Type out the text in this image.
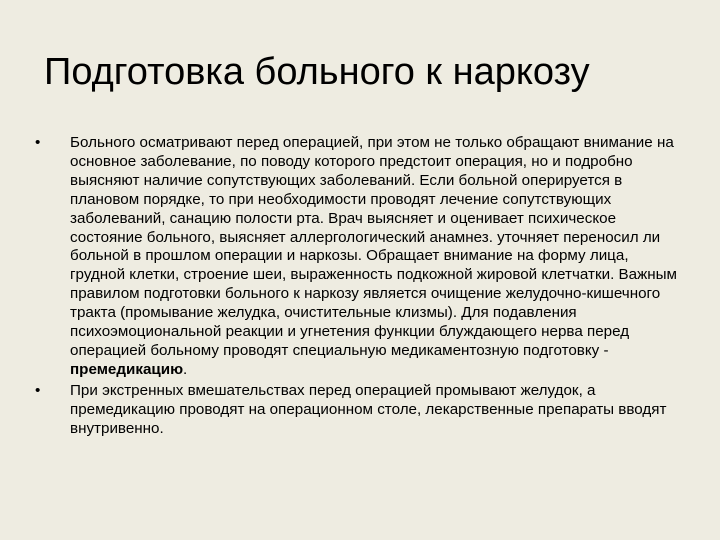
Подготовка больного к наркозу
• Больного осматривают перед операцией, при этом не только обращают внимание на основное заболевание, по поводу которого предстоит операция, но и подробно выясняют наличие сопутствующих заболеваний. Если больной оперируется в плановом порядке, то при необходимости проводят лечение сопутствующих заболеваний, санацию полости рта. Врач выясняет и оценивает психическое состояние больного, выясняет аллергологический анамнез. уточняет переносил ли больной в прошлом операции и наркозы. Обращает внимание на форму лица, грудной клетки, строение шеи, выраженность подкожной жировой клетчатки. Важным правилом подготовки больного к наркозу является очищение желудочно-кишечного тракта (промывание желудка, очистительные клизмы). Для подавления психоэмоциональной реакции и угнетения функции блуждающего нерва перед операцией больному проводят специальную медикаментозную подготовку - премедикацию.
• При экстренных вмешательствах перед операцией промывают желудок, а премедикацию проводят на операционном столе, лекарственные препараты вводят внутривенно.
